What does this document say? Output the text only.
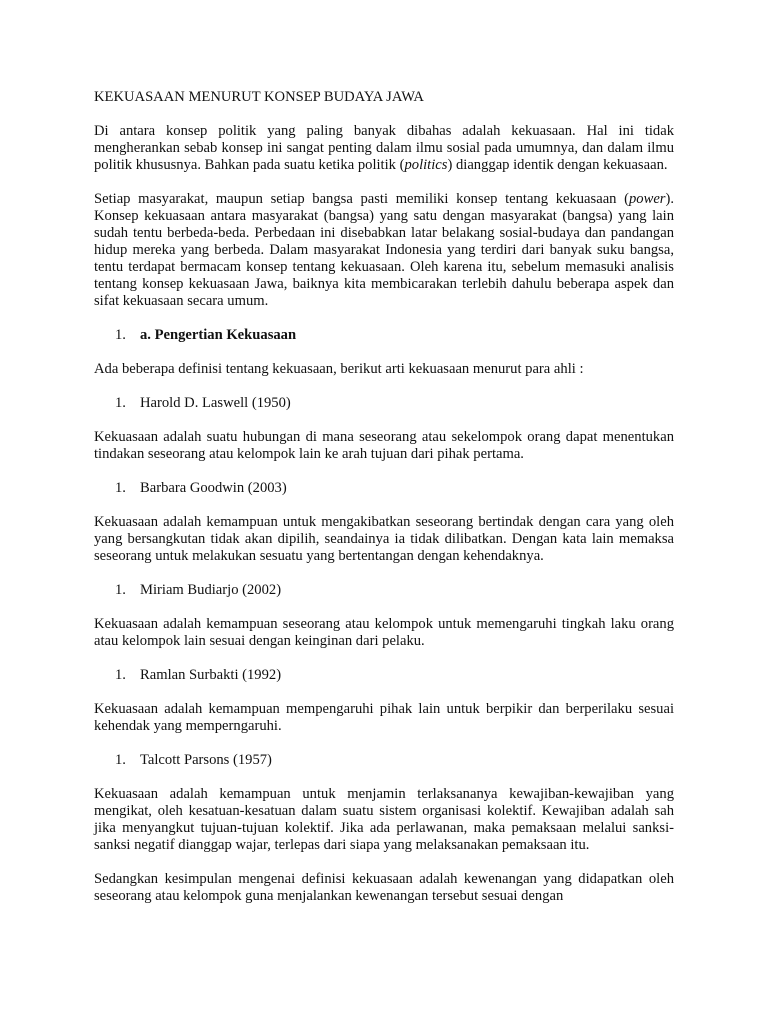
KEKUASAAN MENURUT KONSEP BUDAYA JAWA

Di antara konsep politik yang paling banyak dibahas adalah kekuasaan. Hal ini tidak mengherankan sebab konsep ini sangat penting dalam ilmu sosial pada umumnya, dan dalam ilmu politik khususnya. Bahkan pada suatu ketika politik (politics) dianggap identik dengan kekuasaan.

Setiap masyarakat, maupun setiap bangsa pasti memiliki konsep tentang kekuasaan (power). Konsep kekuasaan antara masyarakat (bangsa) yang satu dengan masyarakat (bangsa) yang lain sudah tentu berbeda-beda. Perbedaan ini disebabkan latar belakang sosial-budaya dan pandangan hidup mereka yang berbeda. Dalam masyarakat Indonesia yang terdiri dari banyak suku bangsa, tentu terdapat bermacam konsep tentang kekuasaan. Oleh karena itu, sebelum memasuki analisis tentang konsep kekuasaan Jawa, baiknya kita membicarakan terlebih dahulu beberapa aspek dan sifat kekuasaan secara umum.

1. a. Pengertian Kekuasaan

Ada beberapa definisi tentang kekuasaan, berikut arti kekuasaan menurut para ahli :

1. Harold D. Laswell (1950)

Kekuasaan adalah suatu hubungan di mana seseorang atau sekelompok orang dapat menentukan tindakan seseorang atau kelompok lain ke arah tujuan dari pihak pertama.

1. Barbara Goodwin (2003)

Kekuasaan adalah kemampuan untuk mengakibatkan seseorang bertindak dengan cara yang oleh yang bersangkutan tidak akan dipilih, seandainya ia tidak dilibatkan. Dengan kata lain memaksa seseorang untuk melakukan sesuatu yang bertentangan dengan kehendaknya.

1. Miriam Budiarjo (2002)

Kekuasaan adalah kemampuan seseorang atau kelompok untuk memengaruhi tingkah laku orang atau kelompok lain sesuai dengan keinginan dari pelaku.

1. Ramlan Surbakti (1992)

Kekuasaan adalah kemampuan mempengaruhi pihak lain untuk berpikir dan berperilaku sesuai kehendak yang memperngaruhi.

1. Talcott Parsons (1957)

Kekuasaan adalah kemampuan untuk menjamin terlaksananya kewajiban-kewajiban yang mengikat, oleh kesatuan-kesatuan dalam suatu sistem organisasi kolektif. Kewajiban adalah sah jika menyangkut tujuan-tujuan kolektif. Jika ada perlawanan, maka pemaksaan melalui sanksi-sanksi negatif dianggap wajar, terlepas dari siapa yang melaksanakan pemaksaan itu.

Sedangkan kesimpulan mengenai definisi kekuasaan adalah kewenangan yang didapatkan oleh seseorang atau kelompok guna menjalankan kewenangan tersebut sesuai dengan
